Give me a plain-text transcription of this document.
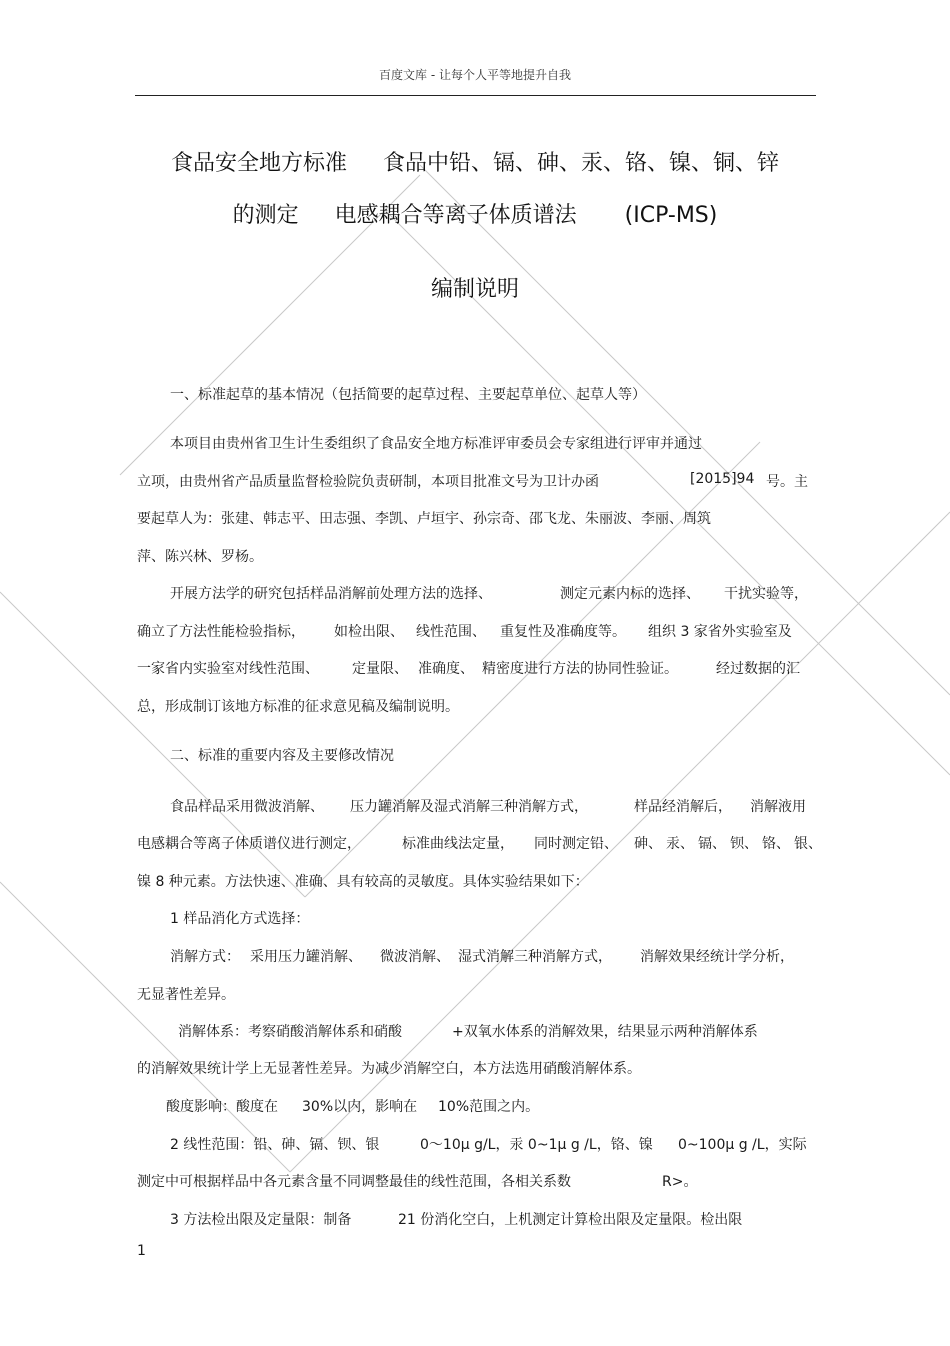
百度文库 - 让每个人平等地提升自我
食品安全地方标准 食品中铅、镉、砷、汞、铬、镍、铜、锌
的测定 电感耦合等离子体质谱法 (ICP-MS)
编制说明
一、标准起草的基本情况（包括简要的起草过程、主要起草单位、起草人等）
本项目由贵州省卫生计生委组织了食品安全地方标准评审委员会专家组进行评审并通过
立项，由贵州省产品质量监督检验院负责研制，本项目批准文号为卫计办函	[2015]94 号。主
要起草人为：张建、韩志平、田志强、李凯、卢垣宇、孙宗奇、邵飞龙、朱丽波、李丽、周筑
萍、陈兴林、罗杨。
开展方法学的研究包括样品消解前处理方法的选择、	测定元素内标的选择、 干扰实验等，
确立了方法性能检验指标， 如检出限、 线性范围、 重复性及准确度等。 组织 3 家省外实验室及
一家省内实验室对线性范围、 定量限、 准确度、 精密度进行方法的协同性验证。	经过数据的汇
总，形成制订该地方标准的征求意见稿及编制说明。
二、标准的重要内容及主要修改情况
食品样品采用微波消解、 压力罐消解及湿式消解三种消解方式，	样品经消解后， 消解液用
电感耦合等离子体质谱仪进行测定，	标准曲线法定量， 同时测定铅、 砷、 汞、 镉、 钡、 铬、 银、
镍 8 种元素。方法快速、准确、具有较高的灵敏度。具体实验结果如下：
1 样品消化方式选择：
消解方式： 采用压力罐消解、 微波消解、 湿式消解三种消解方式， 消解效果经统计学分析，
无显著性差异。
消解体系：考察硝酸消解体系和硝酸	+双氧水体系的消解效果，结果显示两种消解体系
的消解效果统计学上无显著性差异。为减少消解空白，本方法选用硝酸消解体系。
酸度影响：酸度在 30%以内，影响在 10%范围之内。
2 线性范围：铅、砷、镉、钡、银	0～10μ g/L，汞 0~1μ g /L，铬、镍 0~100μ g /L，实际
测定中可根据样品中各元素含量不同调整最佳的线性范围，各相关系数	R>。
3 方法检出限及定量限：制备	21 份消化空白，上机测定计算检出限及定量限。检出限
1
